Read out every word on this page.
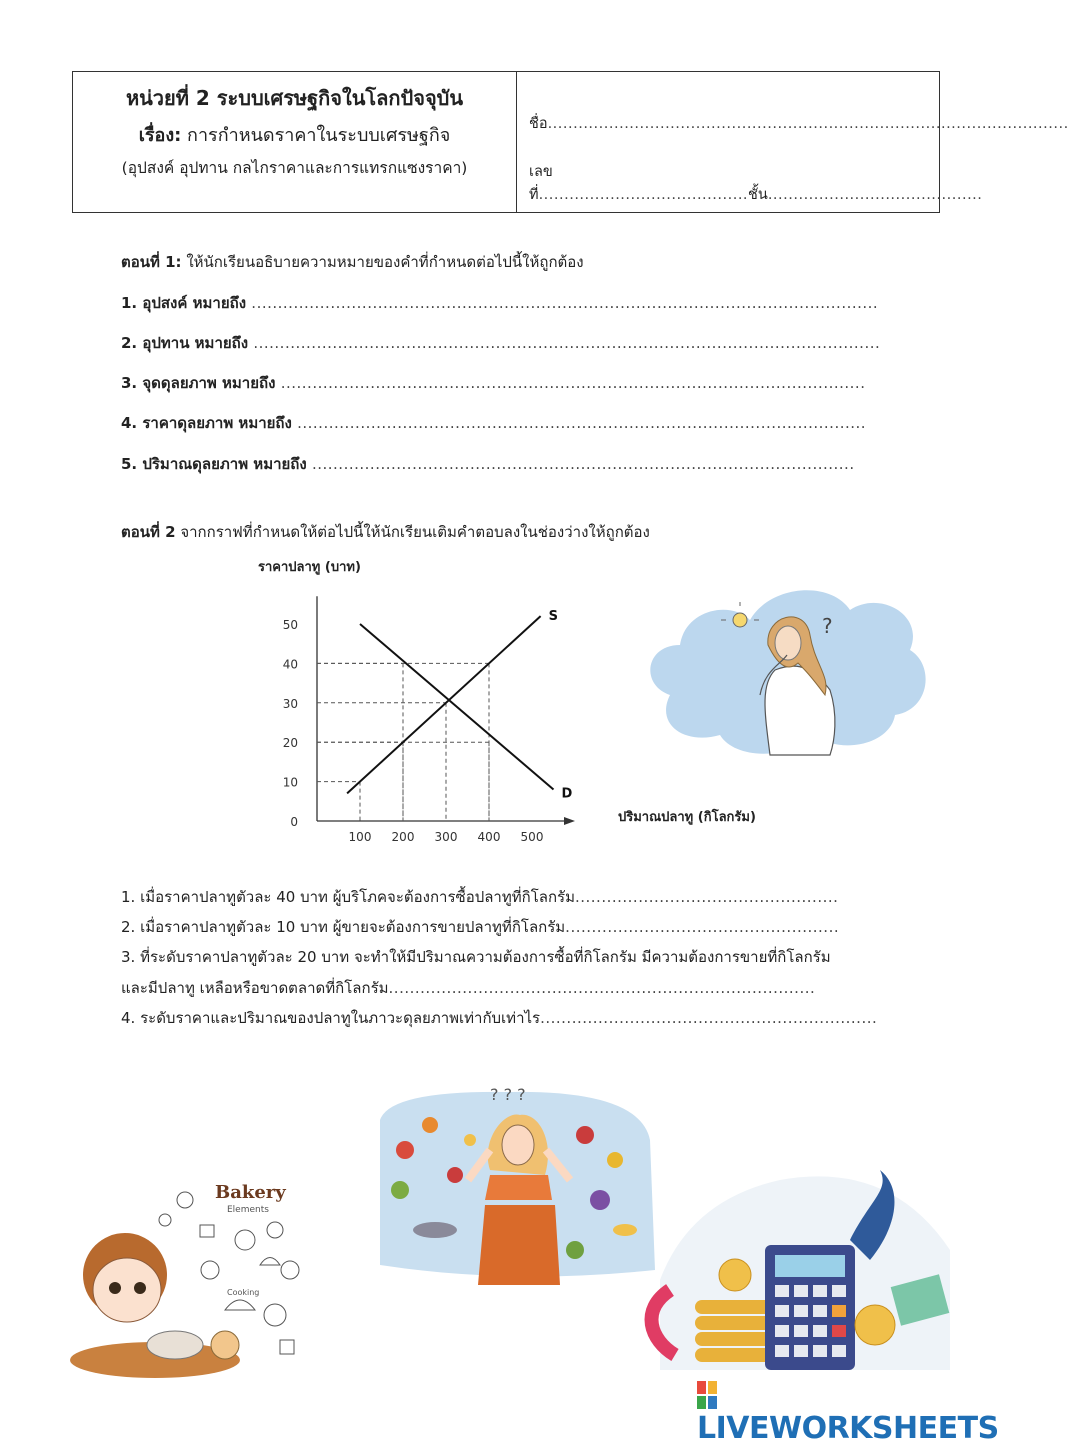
หน่วยที่ 2 ระบบเศรษฐกิจในโลกปัจจุบัน
เรื่อง: การกำหนดราคาในระบบเศรษฐกิจ
(อุปสงค์ อุปทาน กลไกราคาและการแทรกแซงราคา)
ชื่อ......................................................................................................
เลขที่.........................................ชั้น..........................................
ตอนที่ 1: ให้นักเรียนอธิบายความหมายของคำที่กำหนดต่อไปนี้ให้ถูกต้อง
1. อุปสงค์ หมายถึง .......................................................................................................................
2. อุปทาน หมายถึง .......................................................................................................................
3. จุดดุลยภาพ หมายถึง ...............................................................................................................
4. ราคาดุลยภาพ หมายถึง ............................................................................................................
5. ปริมาณดุลยภาพ หมายถึง .......................................................................................................
ตอนที่ 2 จากกราฟที่กำหนดให้ต่อไปนี้ให้นักเรียนเติมคำตอบลงในช่องว่างให้ถูกต้อง
ราคาปลาทู (บาท)
ปริมาณปลาทู (กิโลกรัม)
0
10
20
30
40
50
100 200 300 400 500
S
D
?
1. เมื่อราคาปลาทูตัวละ 40 บาท ผู้บริโภคจะต้องการซื้อปลาทูที่กิโลกรัม..................................................
2. เมื่อราคาปลาทูตัวละ 10 บาท ผู้ขายจะต้องการขายปลาทูที่กิโลกรัม....................................................
3. ที่ระดับราคาปลาทูตัวละ 20 บาท จะทำให้มีปริมาณความต้องการซื้อที่กิโลกรัม มีความต้องการขายที่กิโลกรัม
และมีปลาทู เหลือหรือขาดตลาดที่กิโลกรัม.................................................................................
4. ระดับราคาและปริมาณของปลาทูในภาวะดุลยภาพเท่ากับเท่าไร................................................................
Bakery
Elements
Cooking
? ? ?
LIVEWORKSHEETS
